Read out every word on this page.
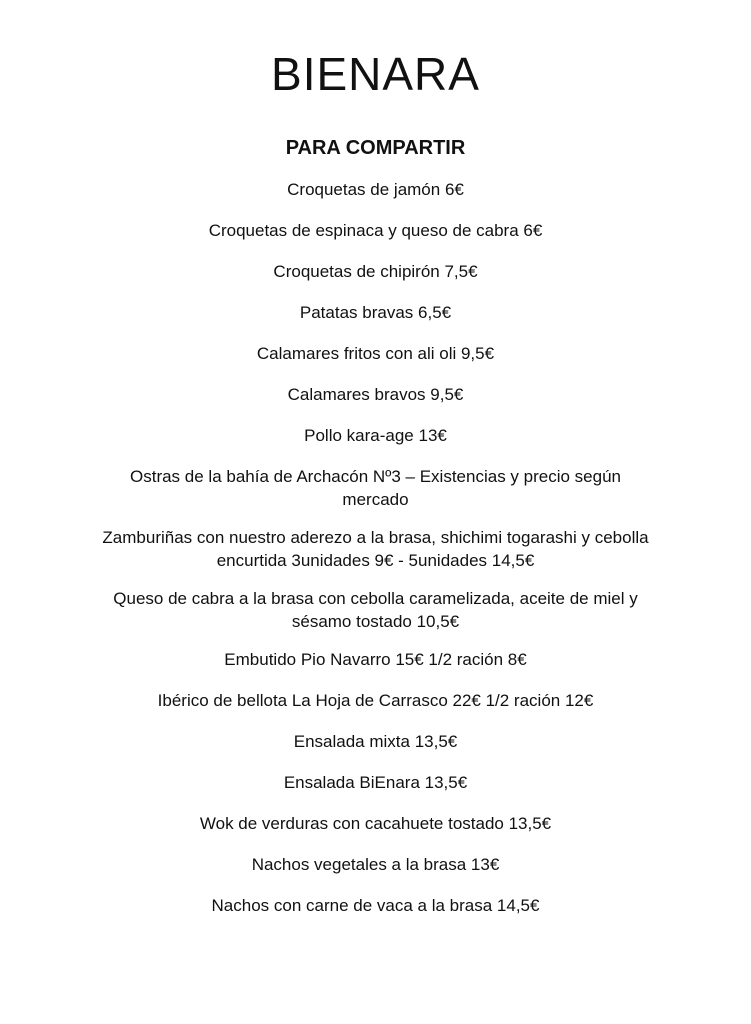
BIENARA
PARA COMPARTIR
Croquetas de jamón 6€
Croquetas de espinaca y queso de cabra 6€
Croquetas de chipirón 7,5€
Patatas bravas 6,5€
Calamares fritos con ali oli 9,5€
Calamares bravos 9,5€
Pollo kara-age 13€
Ostras de la bahía de Archacón Nº3 – Existencias y precio según mercado
Zamburiñas con nuestro aderezo a la brasa, shichimi togarashi y cebolla encurtida 3unidades 9€ - 5unidades 14,5€
Queso de cabra a la brasa con cebolla caramelizada, aceite de miel y sésamo tostado 10,5€
Embutido Pio Navarro 15€ 1/2 ración 8€
Ibérico de bellota La Hoja de Carrasco 22€ 1/2 ración 12€
Ensalada mixta 13,5€
Ensalada BiEnara 13,5€
Wok de verduras con cacahuete tostado 13,5€
Nachos vegetales a la brasa 13€
Nachos con carne de vaca a la brasa 14,5€
